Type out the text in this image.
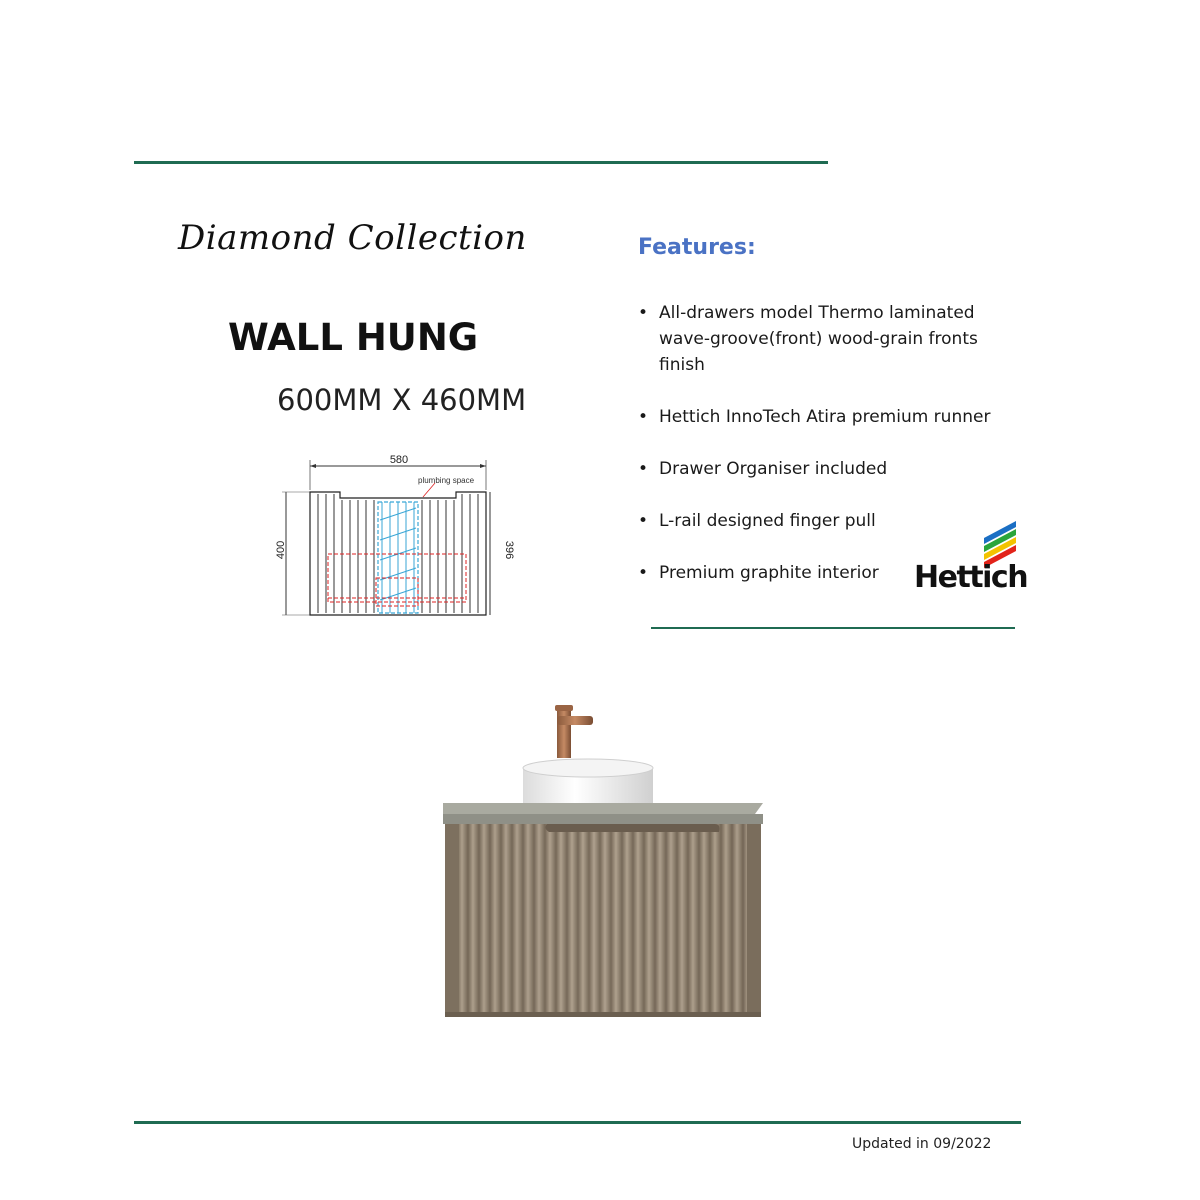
Diamond Collection
WALL HUNG
600MM X 460MM
Features:
• All-drawers model Thermo laminated wave-groove(front) wood-grain fronts finish
• Hettich InnoTech Atira premium runner
• Drawer Organiser included
• L-rail designed finger pull
• Premium graphite interior
580
plumbing space
400	396
Hettich
Updated in 09/2022
